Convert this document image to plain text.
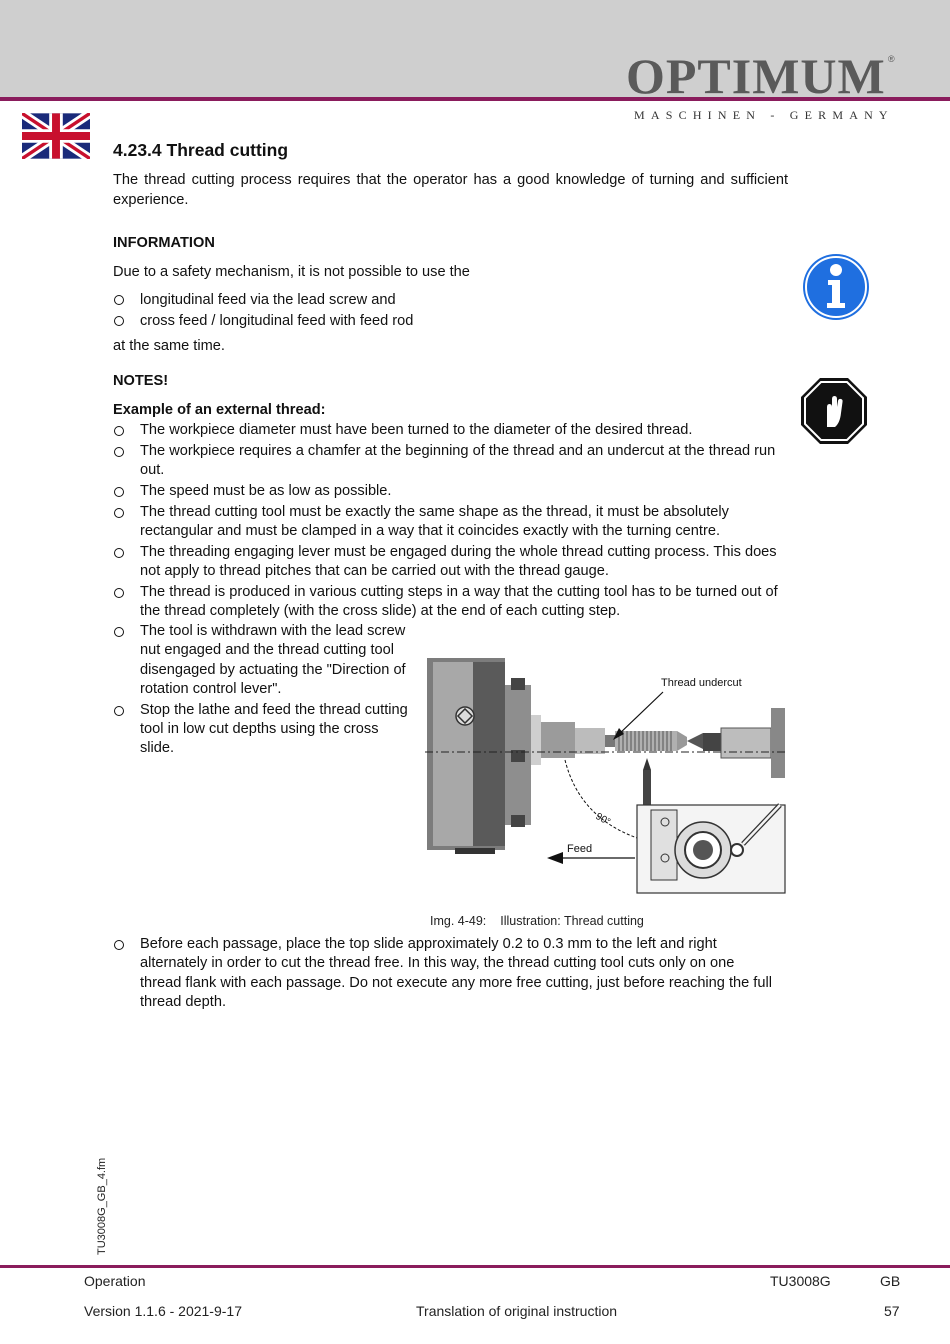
OPTIMUM ®
MASCHINEN - GERMANY
4.23.4 Thread cutting
The thread cutting process requires that the operator has a good knowledge of turning and sufficient experience.
INFORMATION
Due to a safety mechanism, it is not possible to use the
longitudinal feed via the lead screw and
cross feed / longitudinal feed with feed rod
at the same time.
NOTES!
Example of an external thread:
The workpiece diameter must have been turned to the diameter of the desired thread.
The workpiece requires a chamfer at the beginning of the thread and an undercut at the thread run out.
The speed must be as low as possible.
The thread cutting tool must be exactly the same shape as the thread, it must be absolutely rectangular and must be clamped in a way that it coincides exactly with the turning centre.
The threading engaging lever must be engaged during the whole thread cutting process. This does not apply to thread pitches that can be carried out with the thread gauge.
The thread is produced in various cutting steps in a way that the cutting tool has to be turned out of the thread completely (with the cross slide) at the end of each cutting step.
The tool is withdrawn with the lead screw nut engaged and the thread cutting tool disengaged by actuating the "Direction of rotation control lever".
Stop the lathe and feed the thread cutting tool in low cut depths using the cross slide.
Thread undercut
90°
Feed
Img. 4-49: Illustration: Thread cutting
Before each passage, place the top slide approximately 0.2 to 0.3 mm to the left and right alternately in order to cut the thread free. In this way, the thread cutting tool cuts only on one thread flank with each passage. Do not execute any more free cutting, just before reaching the full thread depth.
TU3008G_GB_4.fm
Operation	TU3008G	GB
Version 1.1.6 - 2021-9-17	Translation of original instruction	57
